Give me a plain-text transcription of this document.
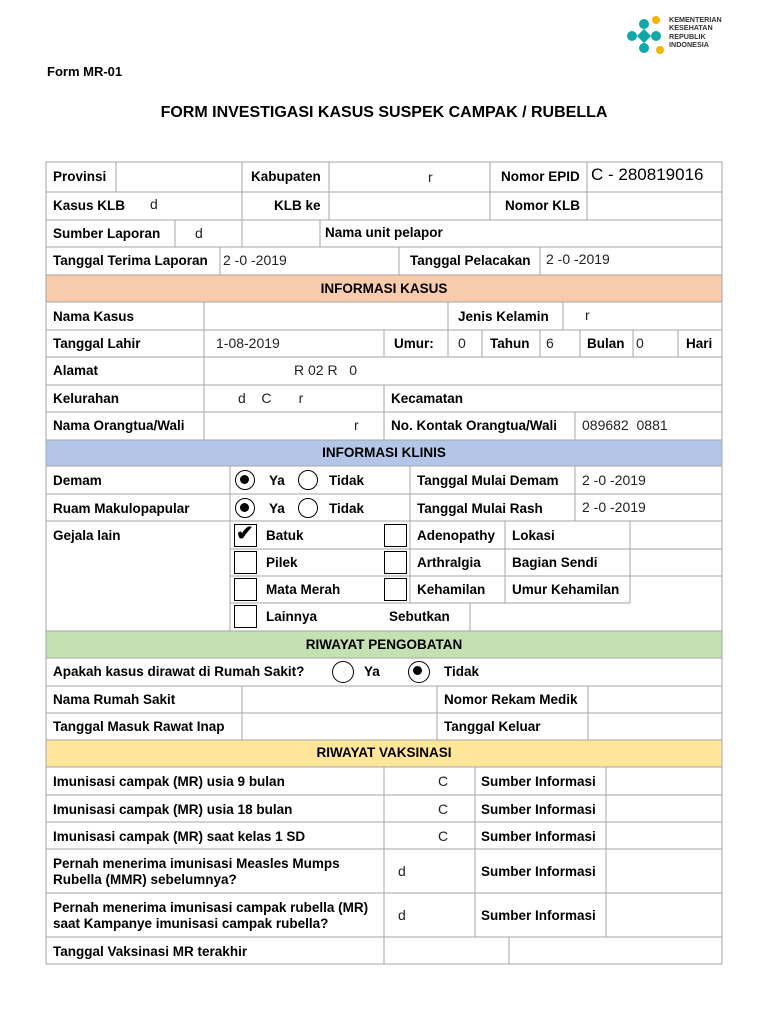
KEMENTERIAN
KESEHATAN
REPUBLIK
INDONESIA
Form MR-01
FORM INVESTIGASI KASUS SUSPEK CAMPAK / RUBELLA
Provinsi	Kabupaten	r	Nomor EPID C - 280819016
Kasus KLB d	KLB ke	Nomor KLB
Sumber Laporan d	Nama unit pelapor
Tanggal Terima Laporan 2 -0 -2019	Tanggal Pelacakan 2 -0 -2019
INFORMASI KASUS
Nama Kasus	Jenis Kelamin	r
Tanggal Lahir	1-08-2019	Umur: 0 Tahun 6 Bulan 0	Hari
Alamat	R 02 R   0
Kelurahan	d    C       r	Kecamatan
Nama Orangtua/Wali	r No. Kontak Orangtua/Wali 089682  0881
INFORMASI KLINIS
Demam	Ya	Tidak	Tanggal Mulai Demam 2 -0 -2019
Ruam Makulopapular	Ya	Tidak	Tanggal Mulai Rash	2 -0 -2019
Gejala lain	✔ Batuk	Adenopathy Lokasi
Pilek	Arthralgia Bagian Sendi
Mata Merah	Kehamilan Umur Kehamilan
Lainnya	Sebutkan
RIWAYAT PENGOBATAN
Apakah kasus dirawat di Rumah Sakit?	Ya	Tidak
Nama Rumah Sakit	Nomor Rekam Medik
Tanggal Masuk Rawat Inap	Tanggal Keluar
RIWAYAT VAKSINASI
Imunisasi campak (MR) usia 9 bulan	C Sumber Informasi
Imunisasi campak (MR) usia 18 bulan	C Sumber Informasi
Imunisasi campak (MR) saat kelas 1 SD	C Sumber Informasi
Pernah menerima imunisasi Measles Mumps
Rubella (MMR) sebelumnya?
d	Sumber Informasi
Pernah menerima imunisasi campak rubella (MR)
saat Kampanye imunisasi campak rubella?
d	Sumber Informasi
Tanggal Vaksinasi MR terakhir
